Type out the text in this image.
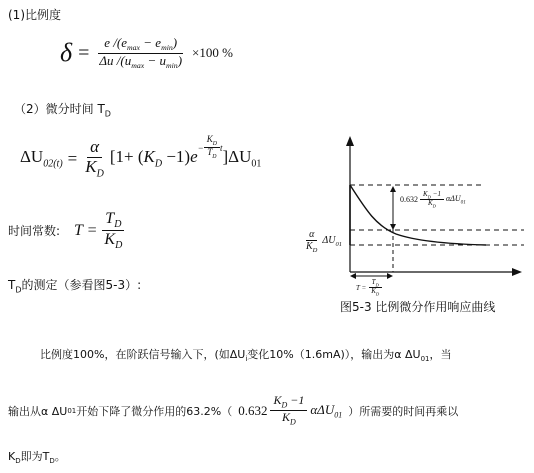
(1)比例度
$\delta = \frac{e /(e_{max} - e_{min})}{\Delta u /(u_{max} - u_{min})} \times 100$ %
（2）微分时间 $T_D$
$\Delta U_{02(t)} = \frac{\alpha}{K_D} [1+ (K_D -1)e - \frac{K_D}{T_D}$ t ]$\Delta U_{01}$
时间常数: $T = \frac{T_D}{K_D}$
$T_D$的测定（参看图5-3）:
$0.632 \frac{K_D -1}{K_D} \alpha\Delta U_{01}$
$\frac{\alpha}{K_D} \Delta U_{01}$
$T = \frac{T_D}{K_D}$
图5-3 比例微分作用响应曲线
比例度100%，在阶跃信号输入下，(如$\Delta U_i$变化10%（1.6mA)），输出为α $\Delta U_{01}$，当
输出从α ΔU 01 开始下降了微分作用的63.2%（ $0.632 \frac{K_D -1}{K_D} \alpha\Delta U_{01}$ ）所需要的时间再乘以
$K_D$即为$T_D$。
